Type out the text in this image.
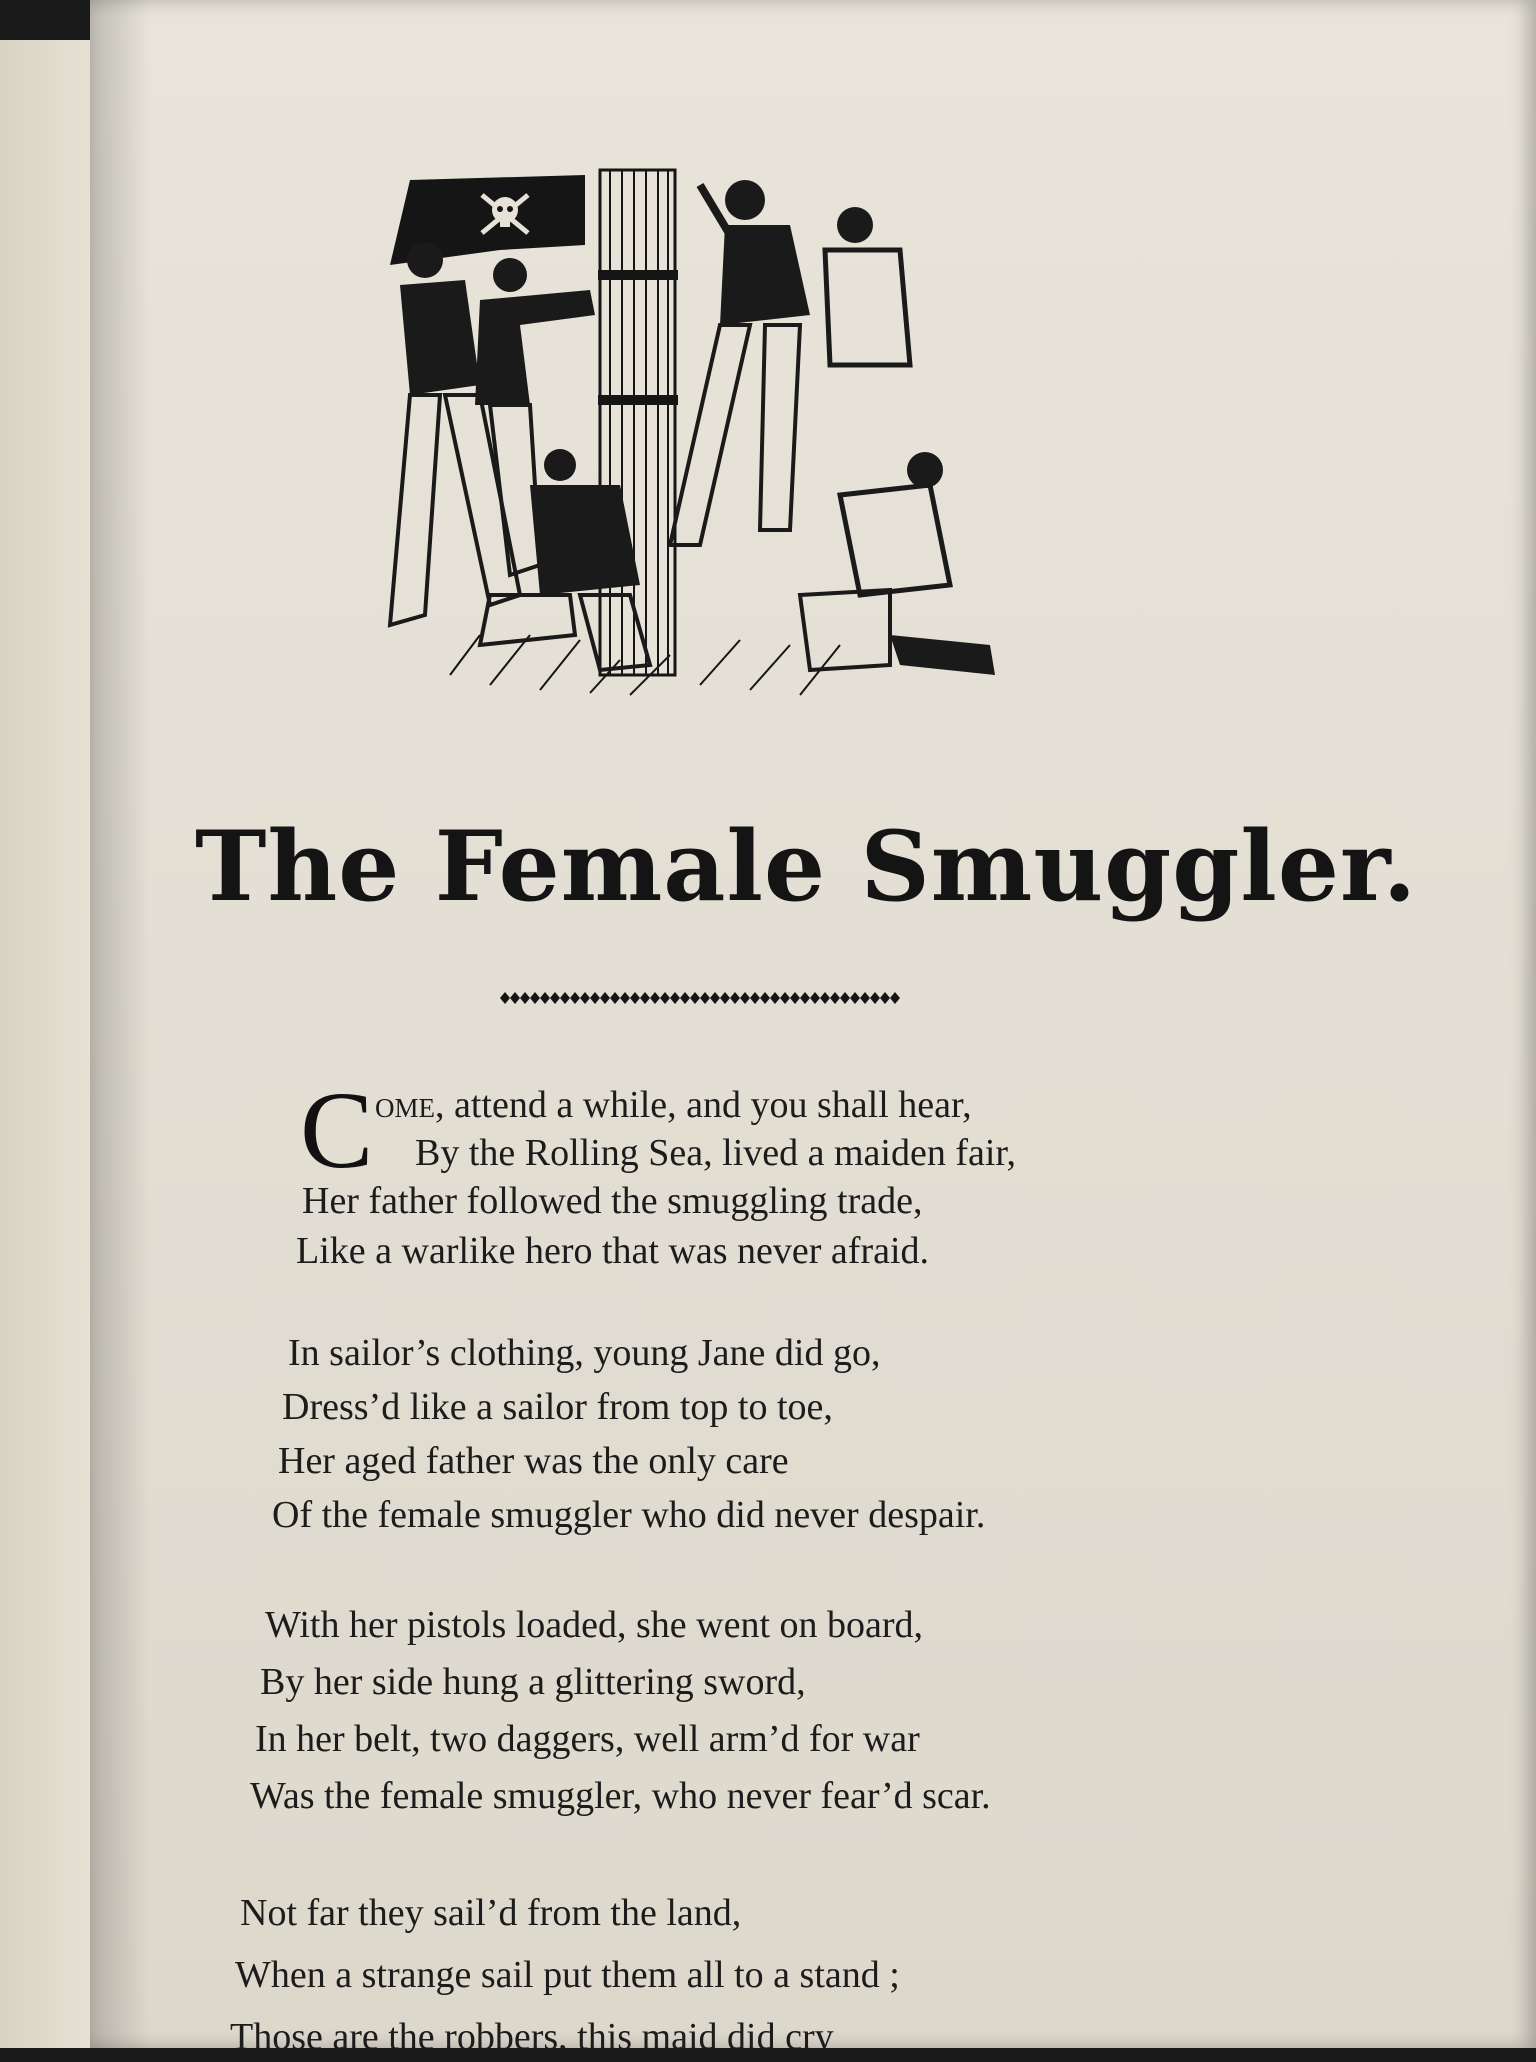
The Female Smuggler.
C ome, attend a while, and you shall hear,
By the Rolling Sea, lived a maiden fair,
Her father followed the smuggling trade,
Like a warlike hero that was never afraid.
In sailor’s clothing, young Jane did go,
Dress’d like a sailor from top to toe,
Her aged father was the only care
Of the female smuggler who did never despair.
With her pistols loaded, she went on board,
By her side hung a glittering sword,
In her belt, two daggers, well arm’d for war
Was the female smuggler, who never fear’d scar.
Not far they sail’d from the land,
When a strange sail put them all to a stand ;
Those are the robbers, this maid did cry
